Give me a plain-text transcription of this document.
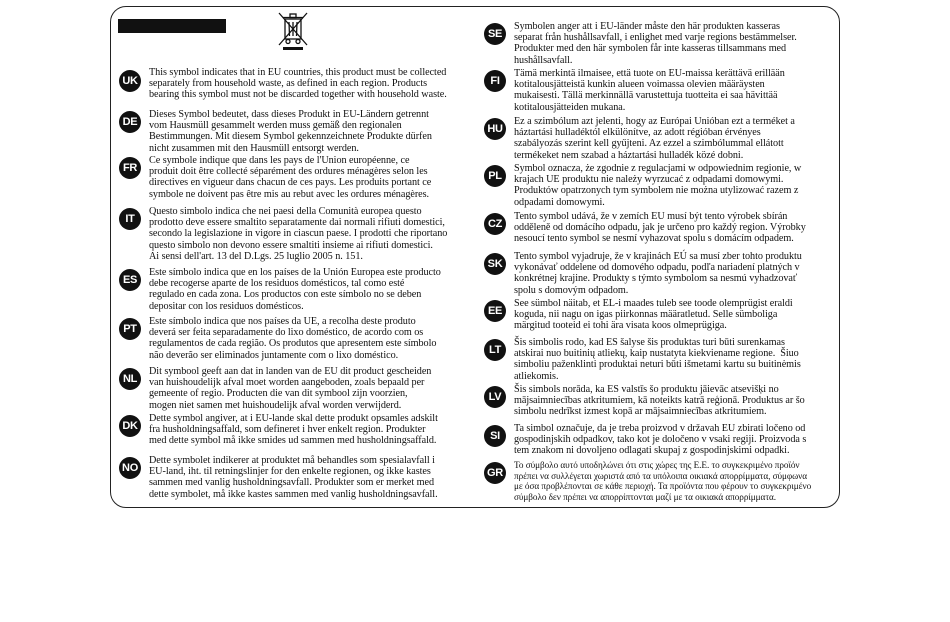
UK
This symbol indicates that in EU countries, this product must be collected
separately from household waste, as defined in each region. Products
bearing this symbol must not be discarded together with household waste.
DE
Dieses Symbol bedeutet, dass dieses Produkt in EU-Ländern getrennt
vom Hausmüll gesammelt werden muss gemäß den regionalen
Bestimmungen. Mit diesem Symbol gekennzeichnete Produkte dürfen
nicht zusammen mit den Hausmüll entsorgt werden.
FR
Ce symbole indique que dans les pays de l'Union européenne, ce
produit doit être collecté séparément des ordures ménagères selon les
directives en vigueur dans chacun de ces pays. Les produits portant ce
symbole ne doivent pas être mis au rebut avec les ordures ménagères.
IT
Questo simbolo indica che nei paesi della Comunità europea questo
prodotto deve essere smaltito separatamente dai normali rifiuti domestici,
secondo la legislazione in vigore in ciascun paese. I prodotti che riportano
questo simbolo non devono essere smaltiti insieme ai rifiuti domestici.
Ai sensi dell'art. 13 del D.Lgs. 25 luglio 2005 n. 151.
ES
Este símbolo indica que en los países de la Unión Europea este producto
debe recogerse aparte de los residuos domésticos, tal como esté
regulado en cada zona. Los productos con este símbolo no se deben
depositar con los residuos domésticos.
PT
Este símbolo indica que nos países da UE, a recolha deste produto
deverá ser feita separadamente do lixo doméstico, de acordo com os
regulamentos de cada região. Os produtos que apresentem este símbolo
não deverão ser eliminados juntamente com o lixo doméstico.
NL
Dit symbool geeft aan dat in landen van de EU dit product gescheiden
van huishoudelijk afval moet worden aangeboden, zoals bepaald per
gemeente of regio. Producten die van dit symbool zijn voorzien,
mogen niet samen met huishoudelijk afval worden verwijderd.
DK
Dette symbol angiver, at i EU-lande skal dette produkt opsamles adskilt
fra husholdningsaffald, som defineret i hver enkelt region. Produkter
med dette symbol må ikke smides ud sammen med husholdningsaffald.
NO
Dette symbolet indikerer at produktet må behandles som spesialavfall i
EU-land, iht. til retningslinjer for den enkelte regionen, og ikke kastes
sammen med vanlig husholdningsavfall. Produkter som er merket med
dette symbolet, må ikke kastes sammen med vanlig husholdningsavfall.
SE
Symbolen anger att i EU-länder måste den här produkten kasseras
separat från hushållsavfall, i enlighet med varje regions bestämmelser.
Produkter med den här symbolen får inte kasseras tillsammans med
hushållsavfall.
FI
Tämä merkintä ilmaisee, että tuote on EU-maissa kerättävä erillään
kotitalousjätteistä kunkin alueen voimassa olevien määräysten
mukaisesti. Tällä merkinnällä varustettuja tuotteita ei saa hävittää
kotitalousjätteiden mukana.
HU
Ez a szimbólum azt jelenti, hogy az Európai Unióban ezt a terméket a
háztartási hulladéktól elkülönítve, az adott régióban érvényes
szabályozás szerint kell gyűjteni. Az ezzel a szimbólummal ellátott
termékeket nem szabad a háztartási hulladék közé dobni.
PL
Symbol oznacza, że zgodnie z regulacjami w odpowiednim regionie, w
krajach UE produktu nie należy wyrzucać z odpadami domowymi.
Produktów opatrzonych tym symbolem nie można utylizować razem z
odpadami domowymi.
CZ
Tento symbol udává, že v zemích EU musí být tento výrobek sbírán
odděleně od domácího odpadu, jak je určeno pro každý region. Výrobky
nesoucí tento symbol se nesmí vyhazovat spolu s domácím odpadem.
SK
Tento symbol vyjadruje, že v krajinách EÚ sa musí zber tohto produktu
vykonávať oddelene od domového odpadu, podľa nariadení platných v
konkrétnej krajine. Produkty s týmto symbolom sa nesmú vyhadzovať
spolu s domovým odpadom.
EE
See sümbol näitab, et EL-i maades tuleb see toode olemprügist eraldi
koguda, nii nagu on igas piirkonnas määratletud. Selle sümboliga
märgitud tooteid ei tohi ära visata koos olmeprügiga.
LT
Šis simbolis rodo, kad ES šalyse šis produktas turi būti surenkamas
atskirai nuo buitinių atliekų, kaip nustatyta kiekviename regione.  Šiuo
simboliu paženklinti produktai neturi būti išmetami kartu su buitinėmis
atliekomis.
LV
Šis simbols norāda, ka ES valstīs šo produktu jāievāc atsevišķi no
mājsaimniecības atkritumiem, kā noteikts katrā reģionā. Produktus ar šo
simbolu nedrīkst izmest kopā ar mājsaimniecības atkritumiem.
SI
Ta simbol označuje, da je treba proizvod v državah EU zbirati ločeno od
gospodinjskih odpadkov, tako kot je določeno v vsaki regiji. Proizvoda s
tem znakom ni dovoljeno odlagati skupaj z gospodinjskimi odpadki.
GR
Το σύμβολο αυτό υποδηλώνει ότι στις χώρες της Ε.Ε. το συγκεκριμένο προϊόν
πρέπει να συλλέγεται χωριστά από τα υπόλοιπα οικιακά απορρίμματα, σύμφωνα
με όσα προβλέπονται σε κάθε περιοχή. Τα προϊόντα που φέρουν το συγκεκριμένο
σύμβολο δεν πρέπει να απορρίπτονται μαζί με τα οικιακά απορρίμματα.
